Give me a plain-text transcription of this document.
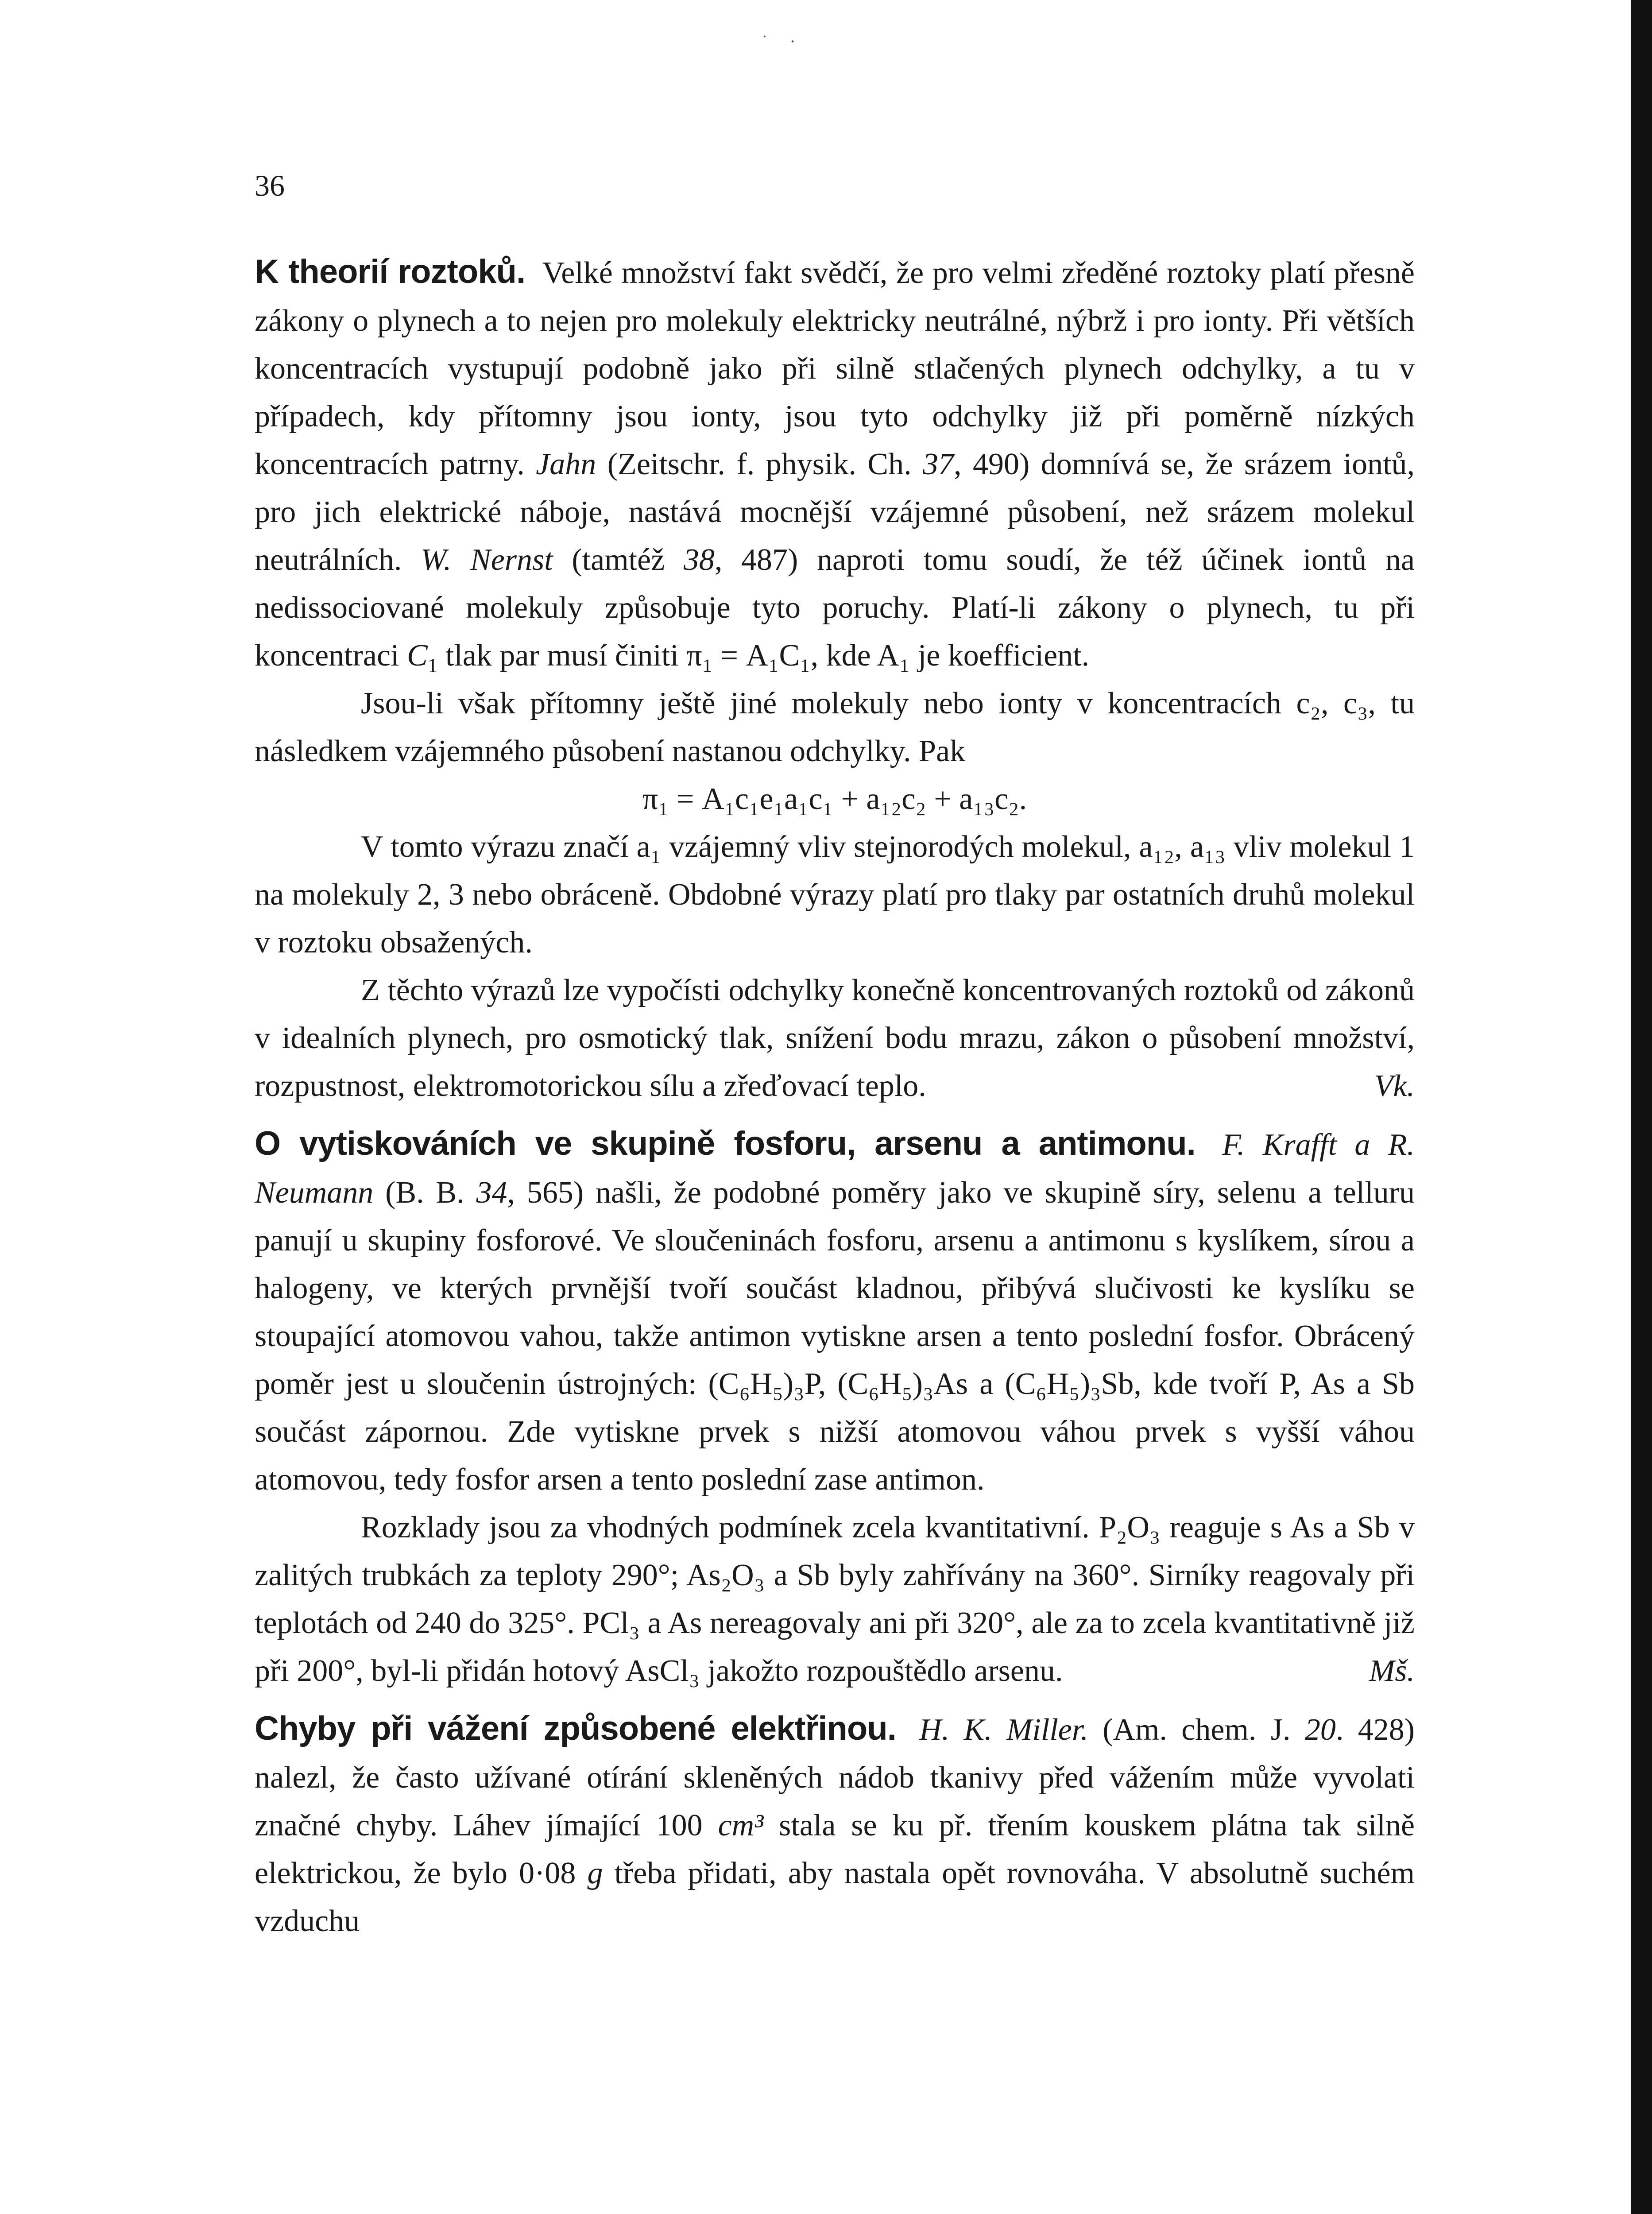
˙ ·
36

K theorií roztoků. Velké množství fakt svědčí, že pro velmi zředěné roztoky platí přesně zákony o plynech a to nejen pro molekuly elektricky neutrálné, nýbrž i pro ionty. Při větších koncentracích vystupují podobně jako při silně stlačených plynech odchylky, a tu v případech, kdy přítomny jsou ionty, jsou tyto odchylky již při poměrně nízkých koncentracích patrny. Jahn (Zeitschr. f. physik. Ch. 37, 490) domnívá se, že srázem iontů, pro jich elektrické náboje, nastává mocnější vzájemné působení, než srázem molekul neutrálních. W. Nernst (tamtéž 38, 487) naproti tomu soudí, že též účinek iontů na nedissociované molekuly způsobuje tyto poruchy. Platí-li zákony o plynech, tu při koncentraci $C_1$ tlak par musí činiti π₁ = A₁C₁, kde A₁ je koefficient.

Jsou-li však přítomny ještě jiné molekuly nebo ionty v koncentracích c₂, c₃, tu následkem vzájemného působení nastanou odchylky. Pak

π₁ = A₁c₁e₁a₁c₁ + a₁₂c₂ + a₁₃c₂.

V tomto výrazu značí a₁ vzájemný vliv stejnorodých molekul, a₁₂, a₁₃ vliv molekul 1 na molekuly 2, 3 nebo obráceně. Obdobné výrazy platí pro tlaky par ostatních druhů molekul v roztoku obsažených.

Z těchto výrazů lze vypočísti odchylky konečně koncentrovaných roztoků od zákonů v idealních plynech, pro osmotický tlak, snížení bodu mrazu, zákon o působení množství, rozpustnost, elektromotorickou sílu a zřeďovací teplo.	Vk.

O vytiskováních ve skupině fosforu, arsenu a antimonu. F. Krafft a R. Neumann (B. B. 34, 565) našli, že podobné poměry jako ve skupině síry, selenu a telluru panují u skupiny fosforové. Ve sloučeninách fosforu, arsenu a antimonu s kyslíkem, sírou a halogeny, ve kterých prvnější tvoří součást kladnou, přibývá slučivosti ke kyslíku se stoupající atomovou vahou, takže antimon vytiskne arsen a tento poslední fosfor. Obrácený poměr jest u sloučenin ústrojných: (C₆H₅)₃P, (C₆H₅)₃As a (C₆H₅)₃Sb, kde tvoří P, As a Sb součást zápornou. Zde vytiskne prvek s nižší atomovou váhou prvek s vyšší váhou atomovou, tedy fosfor arsen a tento poslední zase antimon.

Rozklady jsou za vhodných podmínek zcela kvantitativní. P₂O₃ reaguje s As a Sb v zalitých trubkách za teploty 290°; As₂O₃ a Sb byly zahřívány na 360°. Sirníky reagovaly při teplotách od 240 do 325°. PCl₃ a As nereagovaly ani při 320°, ale za to zcela kvantitativně již při 200°, byl-li přidán hotový AsCl₃ jakožto rozpouštědlo arsenu.	Mš.

Chyby při vážení způsobené elektřinou. H. K. Miller. (Am. chem. J. 20. 428) nalezl, že často užívané otírání skleněných nádob tkanivy před vážením může vyvolati značné chyby. Láhev jímající 100 cm³ stala se ku př. třením kouskem plátna tak silně elektrickou, že bylo 0·08 g třeba přidati, aby nastala opět rovnováha. V absolutně suchém vzduchu
